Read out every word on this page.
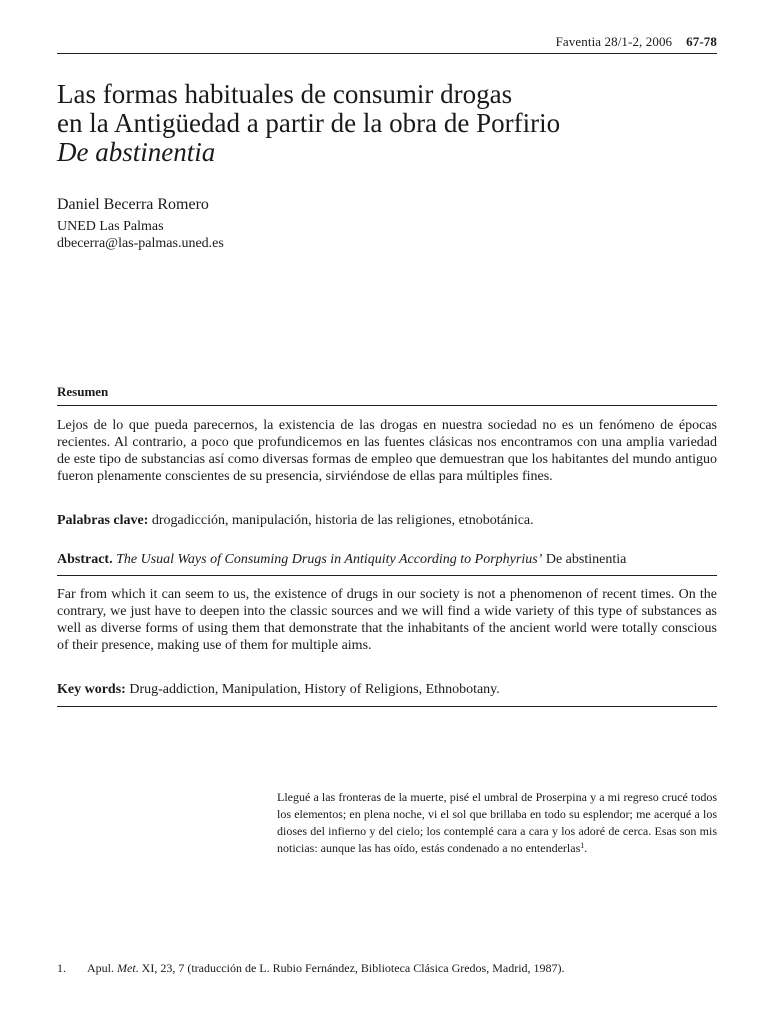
Faventia 28/1-2, 2006 67-78
Las formas habituales de consumir drogas
en la Antigüedad a partir de la obra de Porfirio
De abstinentia
Daniel Becerra Romero
UNED Las Palmas
dbecerra@las-palmas.uned.es
Resumen

Lejos de lo que pueda parecernos, la existencia de las drogas en nuestra sociedad no es un fenómeno de épocas recientes. Al contrario, a poco que profundicemos en las fuentes clásicas nos encontramos con una amplia variedad de este tipo de substancias así como diversas formas de empleo que demuestran que los habitantes del mundo antiguo fueron plenamente conscientes de su presencia, sirviéndose de ellas para múltiples fines.

Palabras clave: drogadicción, manipulación, historia de las religiones, etnobotánica.

Abstract. The Usual Ways of Consuming Drugs in Antiquity According to Porphyrius’ De abstinentia

Far from which it can seem to us, the existence of drugs in our society is not a phenomenon of recent times. On the contrary, we just have to deepen into the classic sources and we will find a wide variety of this type of substances as well as diverse forms of using them that demonstrate that the inhabitants of the ancient world were totally conscious of their presence, making use of them for multiple aims.

Key words: Drug-addiction, Manipulation, History of Religions, Ethnobotany.

Llegué a las fronteras de la muerte, pisé el umbral de Proserpina y a mi regreso crucé todos los elementos; en plena noche, vi el sol que brillaba en todo su esplendor; me acerqué a los dioses del infierno y del cielo; los contemplé cara a cara y los adoré de cerca. Esas son mis noticias: aunque las has oído, estás condenado a no entenderlas$^1$.

1. Apul. Met. XI, 23, 7 (traducción de L. Rubio Fernández, Biblioteca Clásica Gredos, Madrid, 1987).
